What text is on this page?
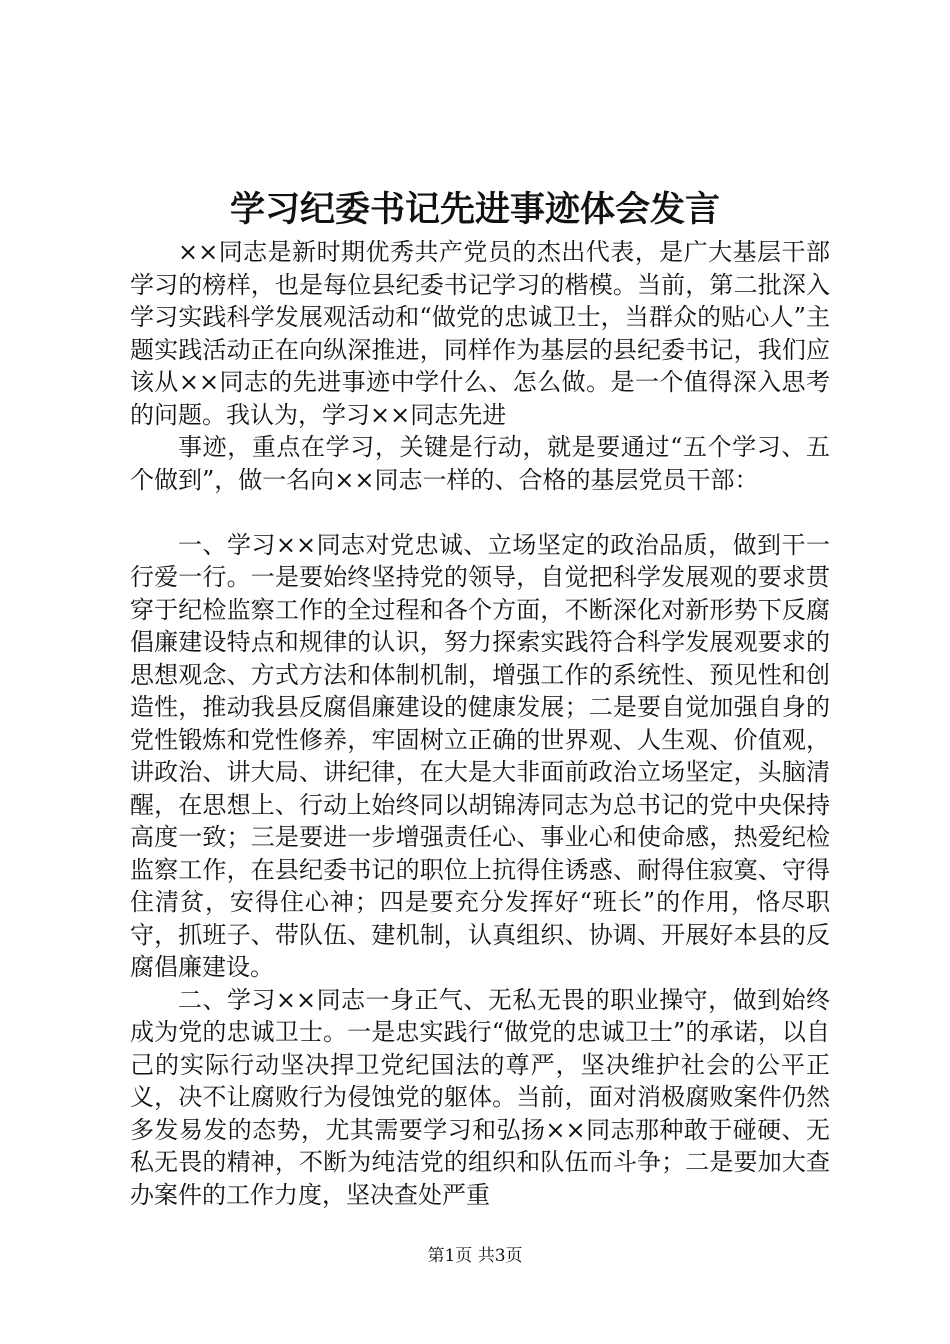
学习纪委书记先进事迹体会发言

××同志是新时期优秀共产党员的杰出代表，是广大基层干部学习的榜样，也是每位县纪委书记学习的楷模。当前，第二批深入学习实践科学发展观活动和“做党的忠诚卫士，当群众的贴心人”主题实践活动正在向纵深推进，同样作为基层的县纪委书记，我们应该从××同志的先进事迹中学什么、怎么做。是一个值得深入思考的问题。我认为，学习××同志先进

事迹，重点在学习，关键是行动，就是要通过“五个学习、五个做到”，做一名向××同志一样的、合格的基层党员干部：

一、学习××同志对党忠诚、立场坚定的政治品质，做到干一行爱一行。一是要始终坚持党的领导，自觉把科学发展观的要求贯穿于纪检监察工作的全过程和各个方面，不断深化对新形势下反腐倡廉建设特点和规律的认识，努力探索实践符合科学发展观要求的思想观念、方式方法和体制机制，增强工作的系统性、预见性和创造性，推动我县反腐倡廉建设的健康发展；二是要自觉加强自身的党性锻炼和党性修养，牢固树立正确的世界观、人生观、价值观，讲政治、讲大局、讲纪律，在大是大非面前政治立场坚定，头脑清醒，在思想上、行动上始终同以胡锦涛同志为总书记的党中央保持高度一致；三是要进一步增强责任心、事业心和使命感，热爱纪检监察工作，在县纪委书记的职位上抗得住诱惑、耐得住寂寞、守得住清贫，安得住心神；四是要充分发挥好“班长”的作用，恪尽职守，抓班子、带队伍、建机制，认真组织、协调、开展好本县的反腐倡廉建设。

二、学习××同志一身正气、无私无畏的职业操守，做到始终成为党的忠诚卫士。一是忠实践行“做党的忠诚卫士”的承诺，以自己的实际行动坚决捍卫党纪国法的尊严，坚决维护社会的公平正义，决不让腐败行为侵蚀党的躯体。当前，面对消极腐败案件仍然多发易发的态势，尤其需要学习和弘扬××同志那种敢于碰硬、无私无畏的精神，不断为纯洁党的组织和队伍而斗争；二是要加大查办案件的工作力度，坚决查处严重

第1页 共3页
